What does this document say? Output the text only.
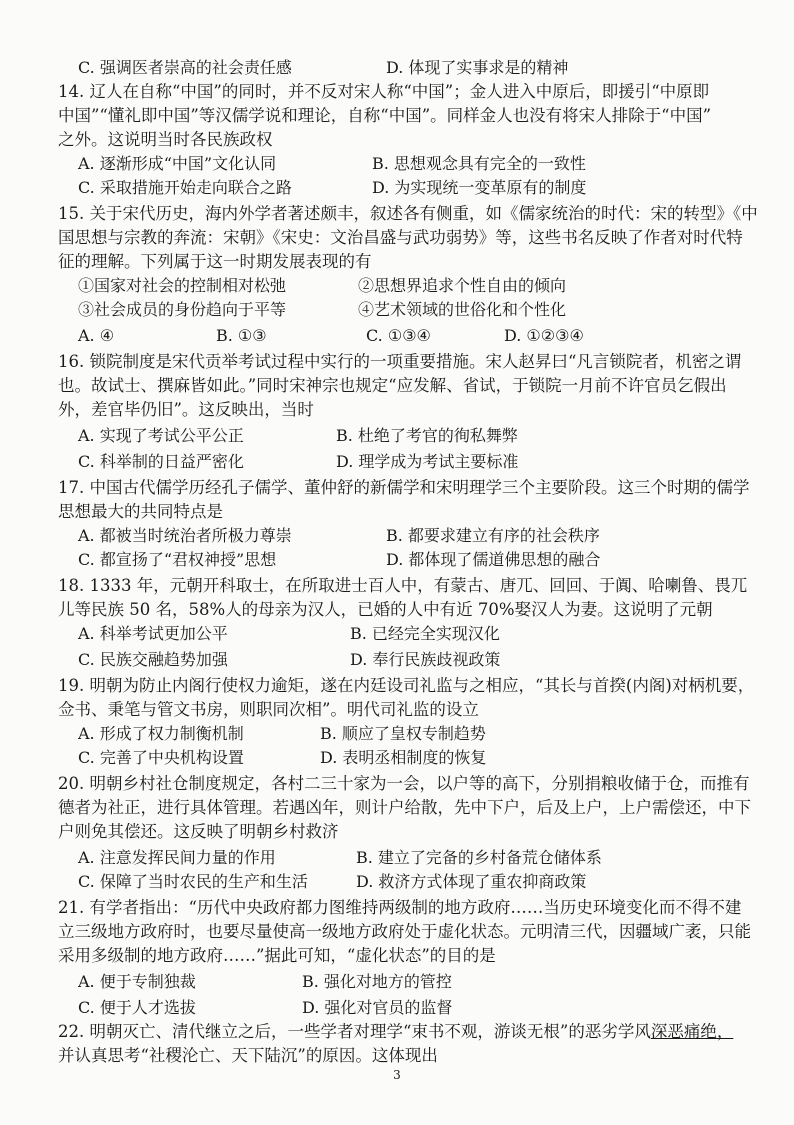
C. 强调医者崇高的社会责任感	D. 体现了实事求是的精神
14. 辽人在自称“中国”的同时，并不反对宋人称“中国”；金人进入中原后，即援引“中原即
中国”“懂礼即中国”等汉儒学说和理论，自称“中国”。同样金人也没有将宋人排除于“中国”
之外。这说明当时各民族政权
A. 逐渐形成“中国”文化认同	B. 思想观念具有完全的一致性
C. 采取措施开始走向联合之路	D. 为实现统一变革原有的制度
15. 关于宋代历史，海内外学者著述颇丰，叙述各有侧重，如《儒家统治的时代：宋的转型》《中
国思想与宗教的奔流：宋朝》《宋史：文治昌盛与武功弱势》等，这些书名反映了作者对时代特
征的理解。下列属于这一时期发展表现的有
①国家对社会的控制相对松弛	②思想界追求个性自由的倾向
③社会成员的身份趋向于平等	④艺术领域的世俗化和个性化
A. ④	B. ①③	C. ①③④	D. ①②③④
16. 锁院制度是宋代贡举考试过程中实行的一项重要措施。宋人赵昇曰“凡言锁院者，机密之谓
也。故试士、撰麻皆如此。”同时宋神宗也规定“应发解、省试，于锁院一月前不许官员乞假出
外，差官毕仍旧”。这反映出，当时
A. 实现了考试公平公正	B. 杜绝了考官的徇私舞弊
C. 科举制的日益严密化	D. 理学成为考试主要标准
17. 中国古代儒学历经孔子儒学、董仲舒的新儒学和宋明理学三个主要阶段。这三个时期的儒学
思想最大的共同特点是
A. 都被当时统治者所极力尊崇	B. 都要求建立有序的社会秩序
C. 都宣扬了“君权神授”思想	D. 都体现了儒道佛思想的融合
18. 1333 年，元朝开科取士，在所取进士百人中，有蒙古、唐兀、回回、于阗、哈喇鲁、畏兀
儿等民族 50 名，58%人的母亲为汉人，已婚的人中有近 70%娶汉人为妻。这说明了元朝
A. 科举考试更加公平	B. 已经完全实现汉化
C. 民族交融趋势加强	D. 奉行民族歧视政策
19. 明朝为防止内阁行使权力逾矩，遂在内廷设司礼监与之相应，“其长与首揆(内阁)对柄机要，
佥书、秉笔与管文书房，则职同次相”。明代司礼监的设立
A. 形成了权力制衡机制	B. 顺应了皇权专制趋势
C. 完善了中央机构设置	D. 表明丞相制度的恢复
20. 明朝乡村社仓制度规定，各村二三十家为一会，以户等的高下，分别捐粮收储于仓，而推有
德者为社正，进行具体管理。若遇凶年，则计户给散，先中下户，后及上户，上户需偿还，中下
户则免其偿还。这反映了明朝乡村救济
A. 注意发挥民间力量的作用	B. 建立了完备的乡村备荒仓储体系
C. 保障了当时农民的生产和生活	D. 救济方式体现了重农抑商政策
21. 有学者指出：“历代中央政府都力图维持两级制的地方政府……当历史环境变化而不得不建
立三级地方政府时，也要尽量使高一级地方政府处于虚化状态。元明清三代，因疆域广袤，只能
采用多级制的地方政府……”据此可知，“虚化状态”的目的是
A. 便于专制独裁	B. 强化对地方的管控
C. 便于人才选拔	D. 强化对官员的监督
22. 明朝灭亡、清代继立之后，一些学者对理学“束书不观，游谈无根”的恶劣学风深恶痛绝，
并认真思考“社稷沦亡、天下陆沉”的原因。这体现出
3
